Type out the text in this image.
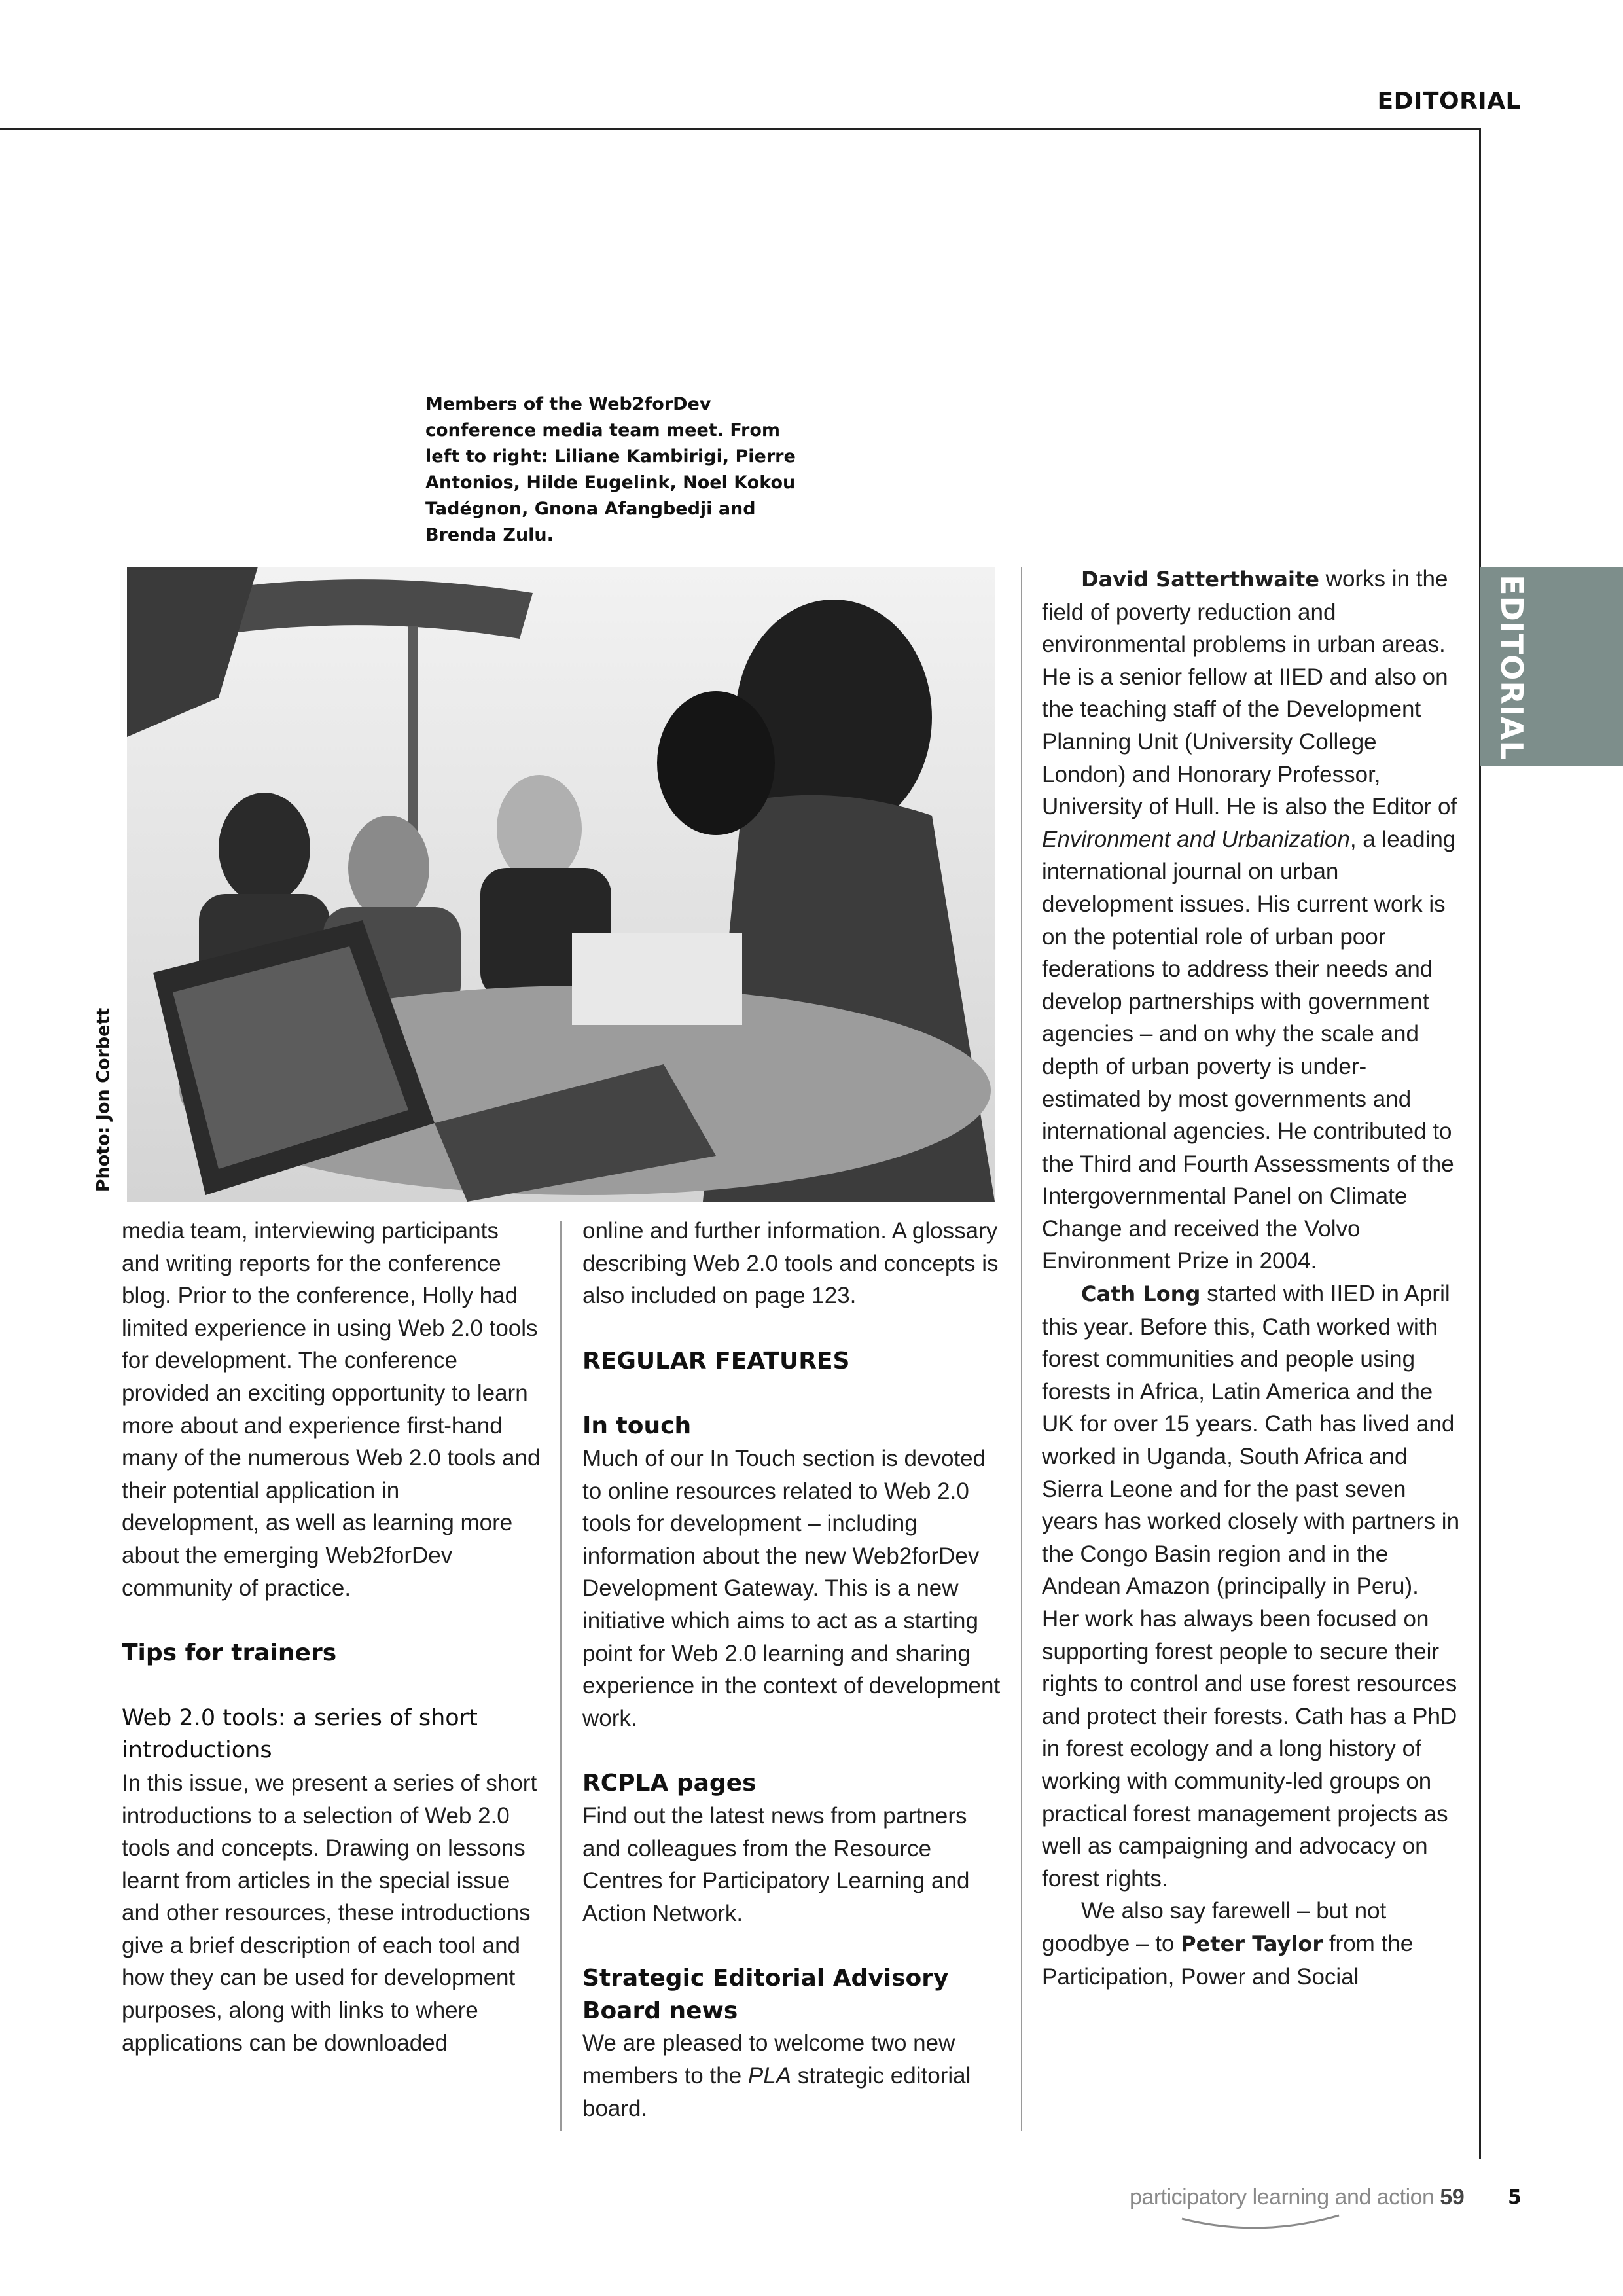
EDITORIAL
EDITORIAL
Members of the Web2forDev conference media team meet. From left to right: Liliane Kambirigi, Pierre Antonios, Hilde Eugelink, Noel Kokou Tadégnon, Gnona Afangbedji and Brenda Zulu.
Photo: Jon Corbett

media team, interviewing participants and writing reports for the conference blog. Prior to the conference, Holly had limited experience in using Web 2.0 tools for development. The conference provided an exciting opportunity to learn more about and experience first-hand many of the numerous Web 2.0 tools and their potential application in development, as well as learning more about the emerging Web2forDev community of practice.

Tips for trainers
Web 2.0 tools: a series of short introductions

In this issue, we present a series of short introductions to a selection of Web 2.0 tools and concepts. Drawing on lessons learnt from articles in the special issue and other resources, these introductions give a brief description of each tool and how they can be used for development purposes, along with links to where applications can be downloaded

online and further information. A glossary describing Web 2.0 tools and concepts is also included on page 123.

REGULAR FEATURES
In touch

Much of our In Touch section is devoted to online resources related to Web 2.0 tools for development – including information about the new Web2forDev Development Gateway. This is a new initiative which aims to act as a starting point for Web 2.0 learning and sharing experience in the context of development work.

RCPLA pages

Find out the latest news from partners and colleagues from the Resource Centres for Participatory Learning and Action Network.

Strategic Editorial Advisory Board news

We are pleased to welcome two new members to the PLA strategic editorial board.

David Satterthwaite works in the field of poverty reduction and environmental problems in urban areas. He is a senior fellow at IIED and also on the teaching staff of the Development Planning Unit (University College London) and Honorary Professor, University of Hull. He is also the Editor of Environment and Urbanization, a leading international journal on urban development issues. His current work is on the potential role of urban poor federations to address their needs and develop partnerships with government agencies – and on why the scale and depth of urban poverty is under-estimated by most governments and international agencies. He contributed to the Third and Fourth Assessments of the Intergovernmental Panel on Climate Change and received the Volvo Environment Prize in 2004.

Cath Long started with IIED in April this year. Before this, Cath worked with forest communities and people using forests in Africa, Latin America and the UK for over 15 years. Cath has lived and worked in Uganda, South Africa and Sierra Leone and for the past seven years has worked closely with partners in the Congo Basin region and in the Andean Amazon (principally in Peru). Her work has always been focused on supporting forest people to secure their rights to control and use forest resources and protect their forests. Cath has a PhD in forest ecology and a long history of working with community-led groups on practical forest management projects as well as campaigning and advocacy on forest rights.

We also say farewell – but not goodbye – to Peter Taylor from the Participation, Power and Social

participatory learning and action 59 5
